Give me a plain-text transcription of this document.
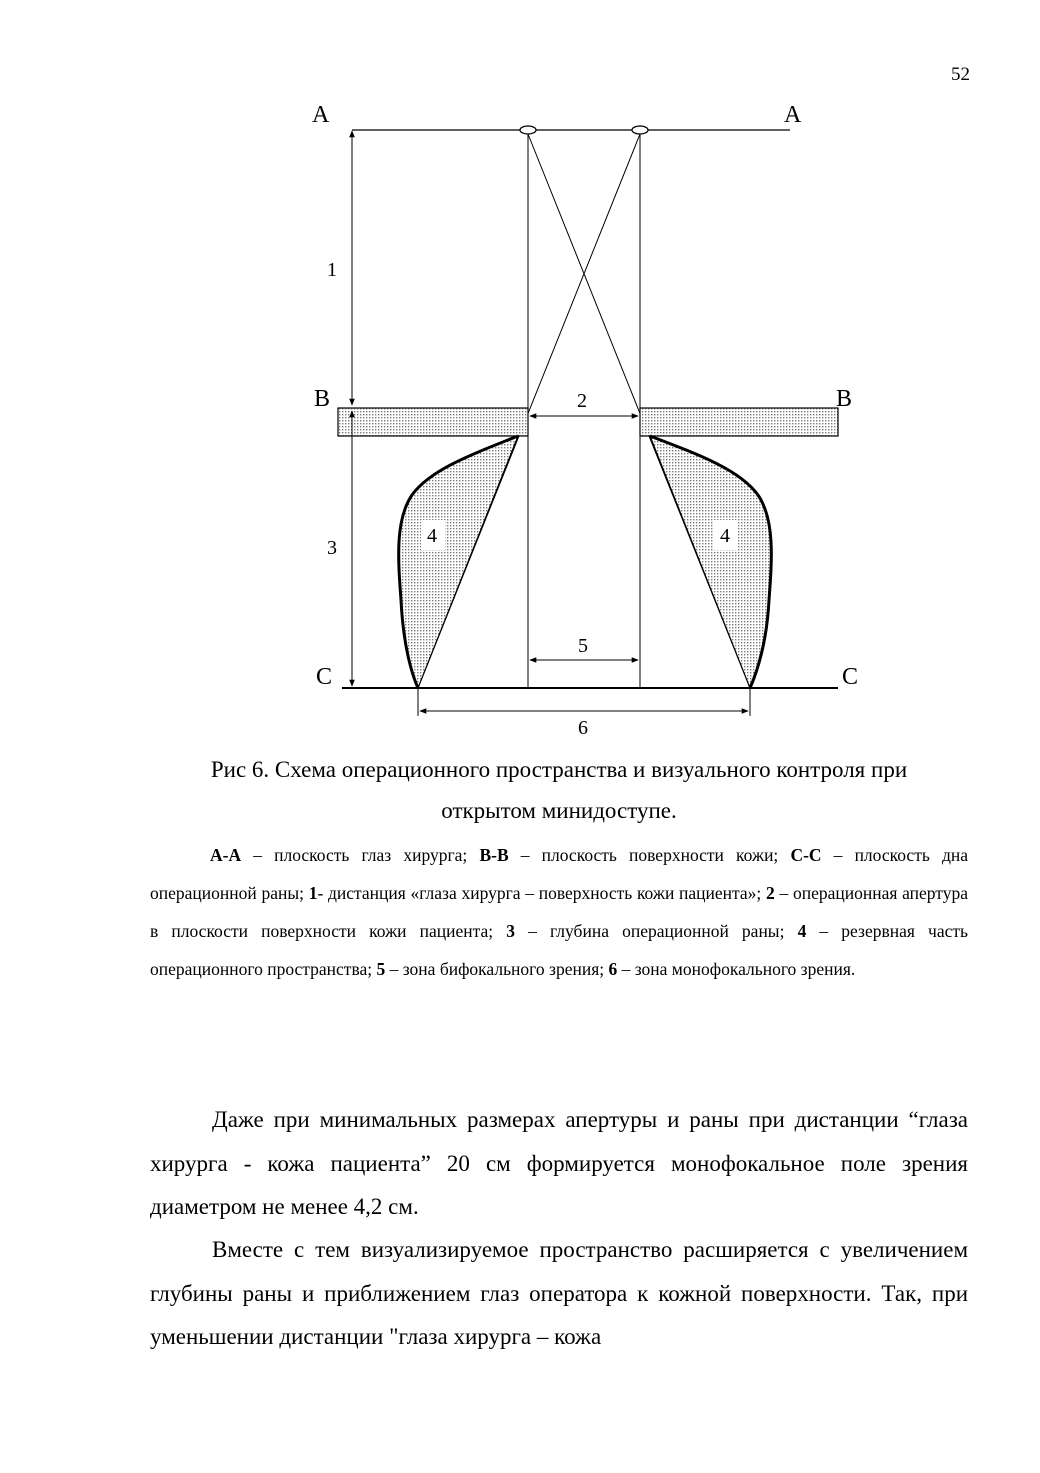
52
A	A
B	B
C	C
1
2
3
4	4
5
6
Рис 6. Схема операционного пространства и визуального контроля при
открытом минидоступе.
А-А – плоскость глаз хирурга; В-В – плоскость поверхности кожи; С-С – плоскость дна операционной раны; 1- дистанция «глаза хирурга – поверхность кожи пациента»; 2 – операционная апертура в плоскости поверхности кожи пациента; 3 – глубина операционной раны; 4 – резервная часть операционного пространства; 5 – зона бифокального зрения; 6 – зона монофокального зрения.

Даже при минимальных размерах апертуры и раны при дистанции “глаза хирурга - кожа пациента” 20 см формируется монофокальное поле зрения диаметром не менее 4,2 см.

Вместе с тем визуализируемое пространство расширяется с увеличением глубины раны и приближением глаз оператора к кожной поверхности. Так, при уменьшении дистанции "глаза хирурга – кожа
